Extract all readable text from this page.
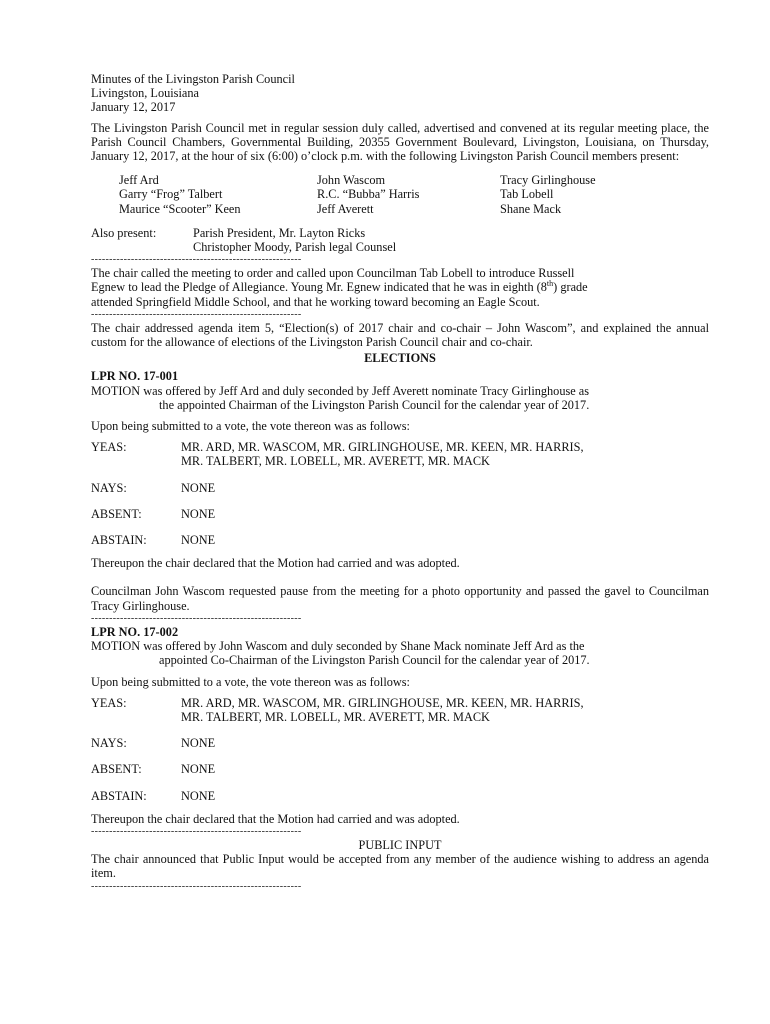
Minutes of the Livingston Parish Council
Livingston, Louisiana
January 12, 2017
The Livingston Parish Council met in regular session duly called, advertised and convened at its regular meeting place, the Parish Council Chambers, Governmental Building, 20355 Government Boulevard, Livingston, Louisiana, on Thursday, January 12, 2017, at the hour of six (6:00) o’clock p.m. with the following Livingston Parish Council members present:
Jeff Ard	John Wascom	Tracy Girlinghouse
Garry “Frog” Talbert	R.C. “Bubba” Harris	Tab Lobell
Maurice “Scooter” Keen	Jeff Averett	Shane Mack
Also present:	Parish President, Mr. Layton Ricks
Christopher Moody, Parish legal Counsel
----------------------------------------------------------
The chair called the meeting to order and called upon Councilman Tab Lobell to introduce Russell
Egnew to lead the Pledge of Allegiance. Young Mr. Egnew indicated that he was in eighth (8th) grade
attended Springfield Middle School, and that he working toward becoming an Eagle Scout.
----------------------------------------------------------
The chair addressed agenda item 5, “Election(s) of 2017 chair and co-chair – John Wascom”, and explained the annual custom for the allowance of elections of the Livingston Parish Council chair and co-chair.
ELECTIONS
LPR NO. 17-001
MOTION was offered by Jeff Ard and duly seconded by Jeff Averett nominate Tracy Girlinghouse as
the appointed Chairman of the Livingston Parish Council for the calendar year of 2017.
Upon being submitted to a vote, the vote thereon was as follows:
YEAS:	MR. ARD, MR. WASCOM, MR. GIRLINGHOUSE, MR. KEEN, MR. HARRIS,
MR. TALBERT, MR. LOBELL, MR. AVERETT, MR. MACK
NAYS:	NONE
ABSENT:	NONE
ABSTAIN:	NONE
Thereupon the chair declared that the Motion had carried and was adopted.
Councilman John Wascom requested pause from the meeting for a photo opportunity and passed the gavel to Councilman Tracy Girlinghouse.
----------------------------------------------------------
LPR NO. 17-002
MOTION was offered by John Wascom and duly seconded by Shane Mack nominate Jeff Ard as the
appointed Co-Chairman of the Livingston Parish Council for the calendar year of 2017.
Upon being submitted to a vote, the vote thereon was as follows:
YEAS:	MR. ARD, MR. WASCOM, MR. GIRLINGHOUSE, MR. KEEN, MR. HARRIS,
MR. TALBERT, MR. LOBELL, MR. AVERETT, MR. MACK
NAYS:	NONE
ABSENT:	NONE
ABSTAIN:	NONE
Thereupon the chair declared that the Motion had carried and was adopted.
----------------------------------------------------------
PUBLIC INPUT
The chair announced that Public Input would be accepted from any member of the audience wishing to address an agenda item.
----------------------------------------------------------
